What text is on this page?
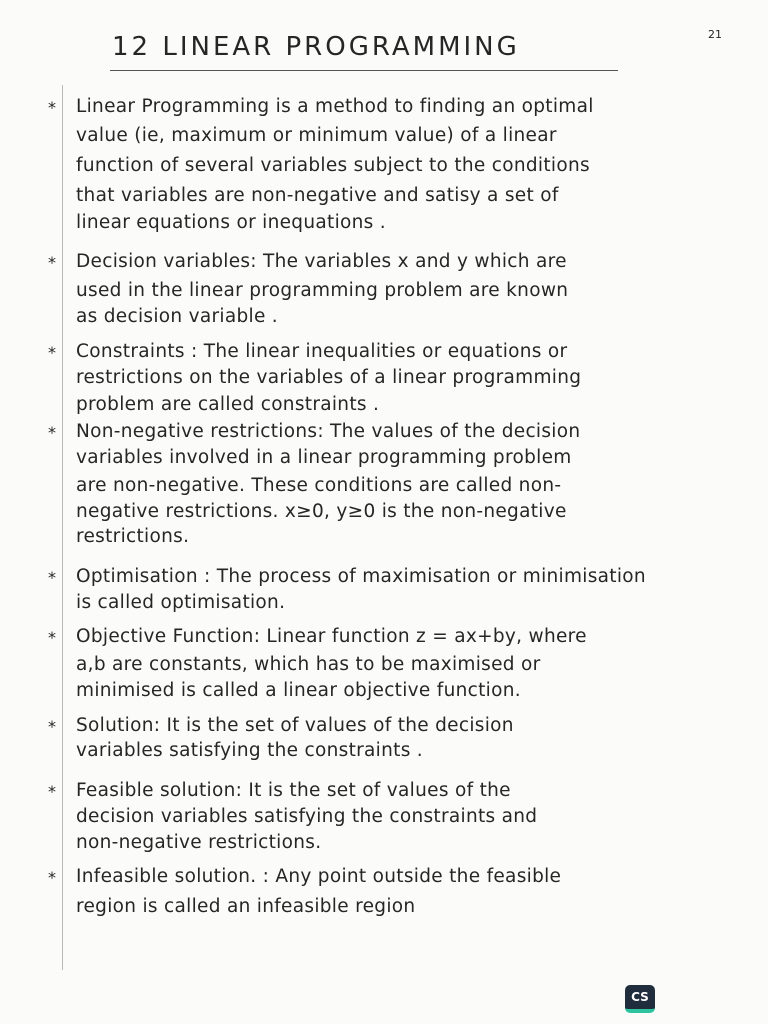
21
12 LINEAR PROGRAMMING
* Linear Programming is a method to finding an optimal
value (ie, maximum or minimum value) of a linear
function of several variables subject to the conditions
that variables are non-negative and satisy a set of
linear equations or inequations .
* Decision variables: The variables x and y which are
used in the linear programming problem are known
as decision variable .
* Constraints : The linear inequalities or equations or
restrictions on the variables of a linear programming
problem are called constraints .
* Non-negative restrictions: The values of the decision
variables involved in a linear programming problem
are non-negative. These conditions are called non-
negative restrictions. x≥0, y≥0 is the non-negative
restrictions.
* Optimisation : The process of maximisation or minimisation
is called optimisation.
* Objective Function: Linear function z = ax+by, where
a,b are constants, which has to be maximised or
minimised is called a linear objective function.
* Solution: It is the set of values of the decision
variables satisfying the constraints .
* Feasible solution: It is the set of values of the
decision variables satisfying the constraints and
non-negative restrictions.
* Infeasible solution. : Any point outside the feasible
region is called an infeasible region
CS
